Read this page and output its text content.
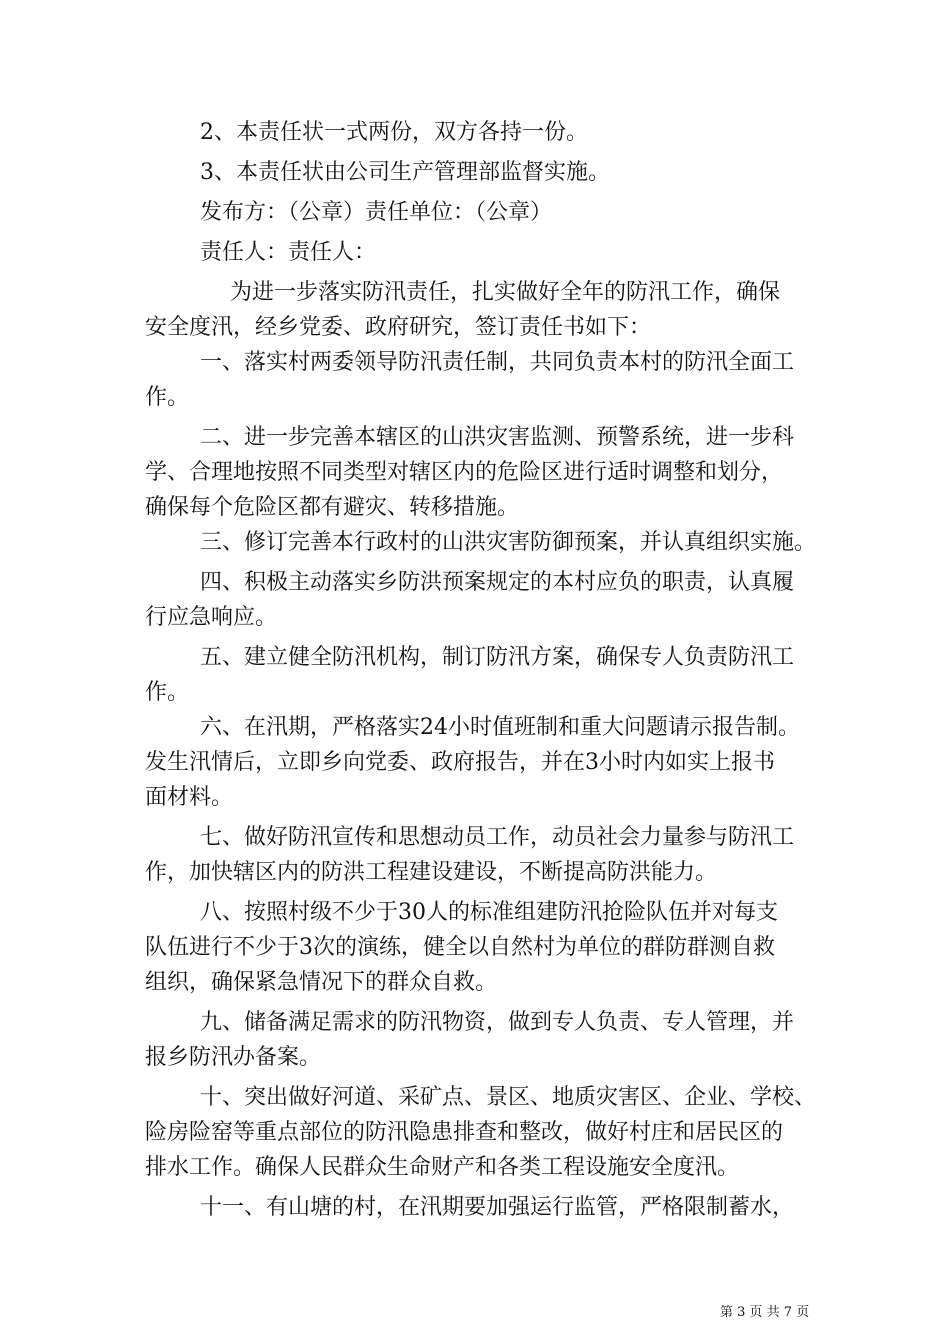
2、本责任状一式两份，双方各持一份。
3、本责任状由公司生产管理部监督实施。
发布方：（公章）责任单位：（公章）
责任人：责任人：
为进一步落实防汛责任，扎实做好全年的防汛工作，确保
安全度汛，经乡党委、政府研究，签订责任书如下：
一、落实村两委领导防汛责任制，共同负责本村的防汛全面工
作。
二、进一步完善本辖区的山洪灾害监测、预警系统，进一步科
学、合理地按照不同类型对辖区内的危险区进行适时调整和划分，
确保每个危险区都有避灾、转移措施。
三、修订完善本行政村的山洪灾害防御预案，并认真组织实施。
四、积极主动落实乡防洪预案规定的本村应负的职责，认真履
行应急响应。
五、建立健全防汛机构，制订防汛方案，确保专人负责防汛工
作。
六、在汛期，严格落实24小时值班制和重大问题请示报告制。
发生汛情后，立即乡向党委、政府报告，并在3小时内如实上报书
面材料。
七、做好防汛宣传和思想动员工作，动员社会力量参与防汛工
作，加快辖区内的防洪工程建设建设，不断提高防洪能力。
八、按照村级不少于30人的标准组建防汛抢险队伍并对每支
队伍进行不少于3次的演练，健全以自然村为单位的群防群测自救
组织，确保紧急情况下的群众自救。
九、储备满足需求的防汛物资，做到专人负责、专人管理，并
报乡防汛办备案。
十、突出做好河道、采矿点、景区、地质灾害区、企业、学校、
险房险窑等重点部位的防汛隐患排查和整改，做好村庄和居民区的
排水工作。确保人民群众生命财产和各类工程设施安全度汛。
十一、有山塘的村，在汛期要加强运行监管，严格限制蓄水，
第 3 页 共 7 页
